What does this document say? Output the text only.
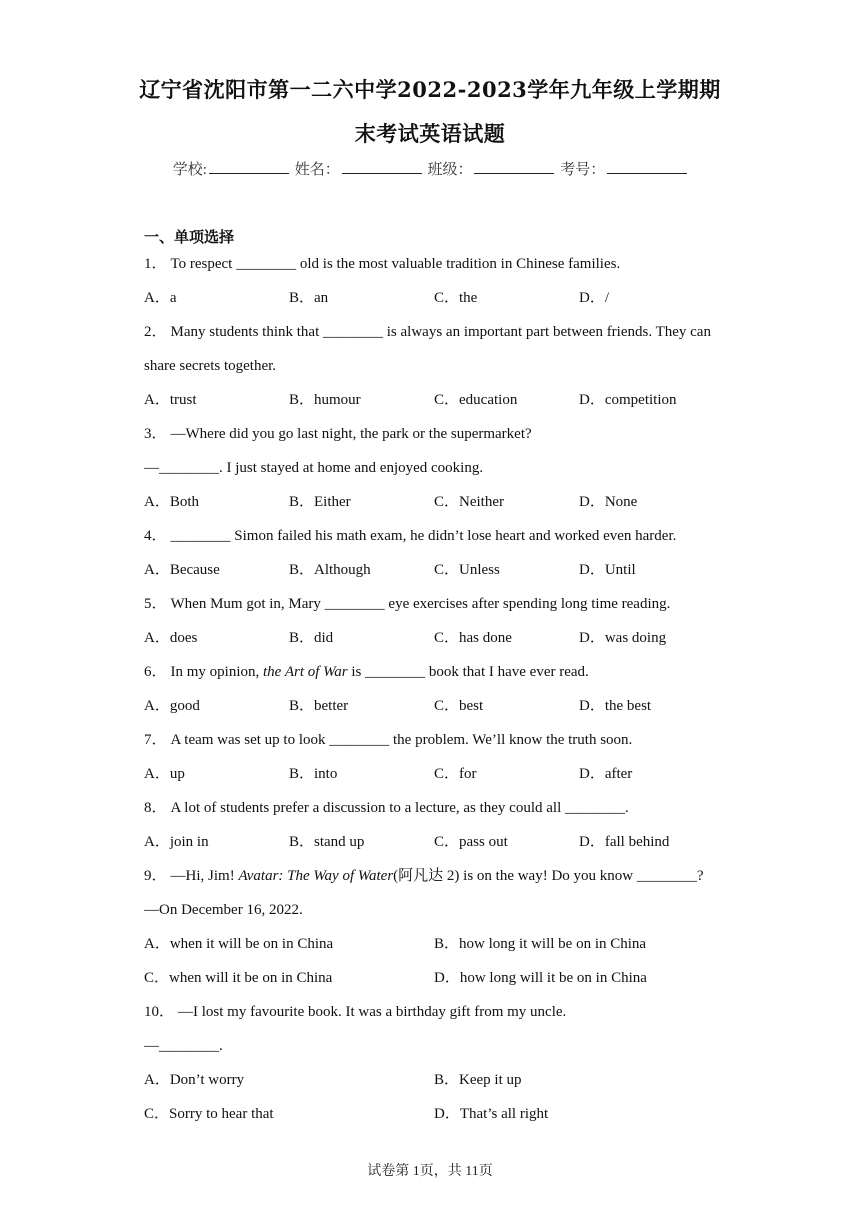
辽宁省沈阳市第一二六中学2022-2023学年九年级上学期期
末考试英语试题
学校:	姓名：	班级：	考号：
一、单项选择
1． To respect ________ old is the most valuable tradition in Chinese families.
A．a	B．an	C．the	D．/
2． Many students think that ________ is always an important part between friends. They can
share secrets together.
A．trust	B．humour	C．education	D．competition
3． —Where did you go last night, the park or the supermarket?
—________. I just stayed at home and enjoyed cooking.
A．Both	B．Either	C．Neither	D．None
4． ________ Simon failed his math exam, he didn’t lose heart and worked even harder.
A．Because	B．Although	C．Unless	D．Until
5． When Mum got in, Mary ________ eye exercises after spending long time reading.
A．does	B．did	C．has done	D．was doing
6． In my opinion, the Art of War is ________ book that I have ever read.
A．good	B．better	C．best	D．the best
7． A team was set up to look ________ the problem. We’ll know the truth soon.
A．up	B．into	C．for	D．after
8． A lot of students prefer a discussion to a lecture, as they could all ________.
A．join in	B．stand up	C．pass out	D．fall behind
9． —Hi, Jim! Avatar: The Way of Water(阿凡达 2) is on the way! Do you know ________?
—On December 16, 2022.
A．when it will be on in China	B．how long it will be on in China
C．when will it be on in China	D．how long will it be on in China
10． —I lost my favourite book. It was a birthday gift from my uncle.
—________.
A．Don’t worry	B．Keep it up
C．Sorry to hear that	D．That’s all right
试卷第 1页，共 11页
